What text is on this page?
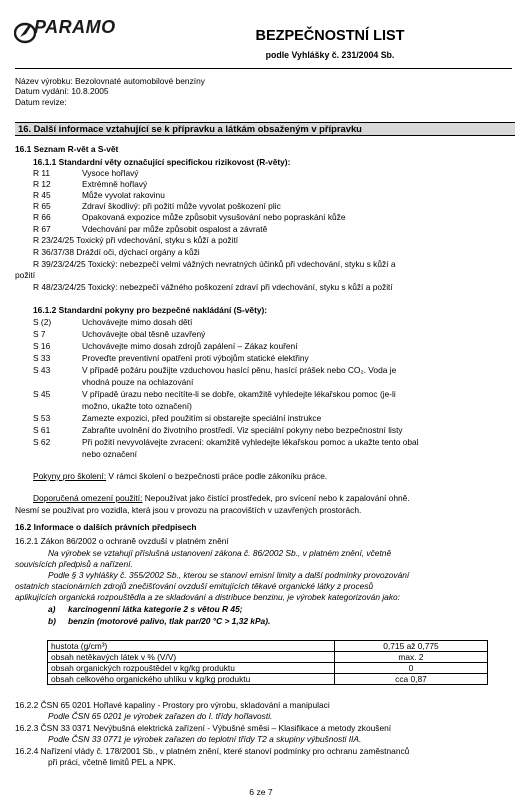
PARAMO	BEZPEČNOSTNÍ LIST
podle Vyhlášky č. 231/2004 Sb.
Název výrobku: Bezolovnaté automobilové benzíny
Datum vydání: 10.8.2005
Datum revize:
16. Další informace vztahující se k přípravku a látkám obsaženým v přípravku
16.1 Seznam R-vět a S-vět
16.1.1 Standardní věty označující specifickou rizikovost (R-věty):
R 11	Vysoce hořlavý
R 12	Extrémně hořlavý
R 45	Může vyvolat rakovinu
R 65	Zdraví škodlivý: při požití může vyvolat poškození plic
R 66	Opakovaná expozice může způsobit vysušování nebo popraskání kůže
R 67	Vdechování par může způsobit ospalost a závratě
R 23/24/25 Toxický při vdechování, styku s kůží a požití
R 36/37/38 Dráždí oči, dýchací orgány a kůži
R 39/23/24/25 Toxický: nebezpečí velmi vážných nevratných účinků při vdechování, styku s kůží a
požití
R 48/23/24/25 Toxický: nebezpečí vážného poškození zdraví při vdechování, styku s kůží a požití
16.1.2 Standardní pokyny pro bezpečné nakládání (S-věty):
S (2)	Uchovávejte mimo dosah dětí
S 7	Uchovávejte obal těsně uzavřený
S 16	Uchovávejte mimo dosah zdrojů zapálení – Zákaz kouření
S 33	Proveďte preventivní opatření proti výbojům statické elektřiny
S 43	V případě požáru použijte vzduchovou hasící pěnu, hasící prášek nebo CO₂. Voda je
vhodná pouze na ochlazování
S 45	V případě úrazu nebo necítíte-li se dobře, okamžitě vyhledejte lékařskou pomoc (je-li
možno, ukažte toto označení)
S 53	Zamezte expozici, před použitím si obstarejte speciální instrukce
S 61	Zabraňte uvolnění do životního prostředí. Viz speciální pokyny nebo bezpečnostní listy
S 62	Při požití nevyvolávejte zvracení: okamžitě vyhledejte lékařskou pomoc a ukažte tento obal
nebo označení
Pokyny pro školení: V rámci školení o bezpečnosti práce podle zákoníku práce.
Doporučená omezení použití: Nepoužívat jako čistící prostředek, pro svícení nebo k zapalování ohně.
Nesmí se používat pro vozidla, která jsou v provozu na pracovištích v uzavřených prostorách.
16.2 Informace o dalších právních předpisech
16.2.1 Zákon 86/2002 o ochraně ovzduší v platném znění
Na výrobek se vztahují příslušná ustanovení zákona č. 86/2002 Sb., v platném znění, včetně
souvisících předpisů a nařízení.
Podle § 3 vyhlášky č. 355/2002 Sb., kterou se stanoví emisní limity a další podmínky provozování
ostatních stacionárních zdrojů znečišťování ovzduší emitujících těkavé organické látky z procesů
aplikujících organická rozpouštědla a ze skladování a distribuce benzinu, je výrobek kategorizován jako:
a) karcinogenní látka kategorie 2 s větou R 45;
b) benzin (motorové palivo, tlak par/20 °C > 1,32 kPa).
hustota (g/cm³)	0,715 až 0,775
obsah netěkavých látek v % (V/V)	max. 2
obsah organických rozpouštědel v kg/kg produktu	0
obsah celkového organického uhlíku v kg/kg produktu	cca 0,87
16.2.2 ČSN 65 0201 Hořlavé kapaliny - Prostory pro výrobu, skladování a manipulaci
Podle ČSN 65 0201 je výrobek zařazen do I. třídy hořlavosti.
16.2.3 ČSN 33 0371 Nevýbušná elektrická zařízení - Výbušné směsi – Klasifikace a metody zkoušení
Podle ČSN 33 0771 je výrobek zařazen do teplotní třídy T2 a skupiny výbušnosti IIA.
16.2.4 Nařízení vlády č. 178/2001 Sb., v platném znění, které stanoví podmínky pro ochranu zaměstnanců
při práci, včetně limitů PEL a NPK.
6 ze 7
